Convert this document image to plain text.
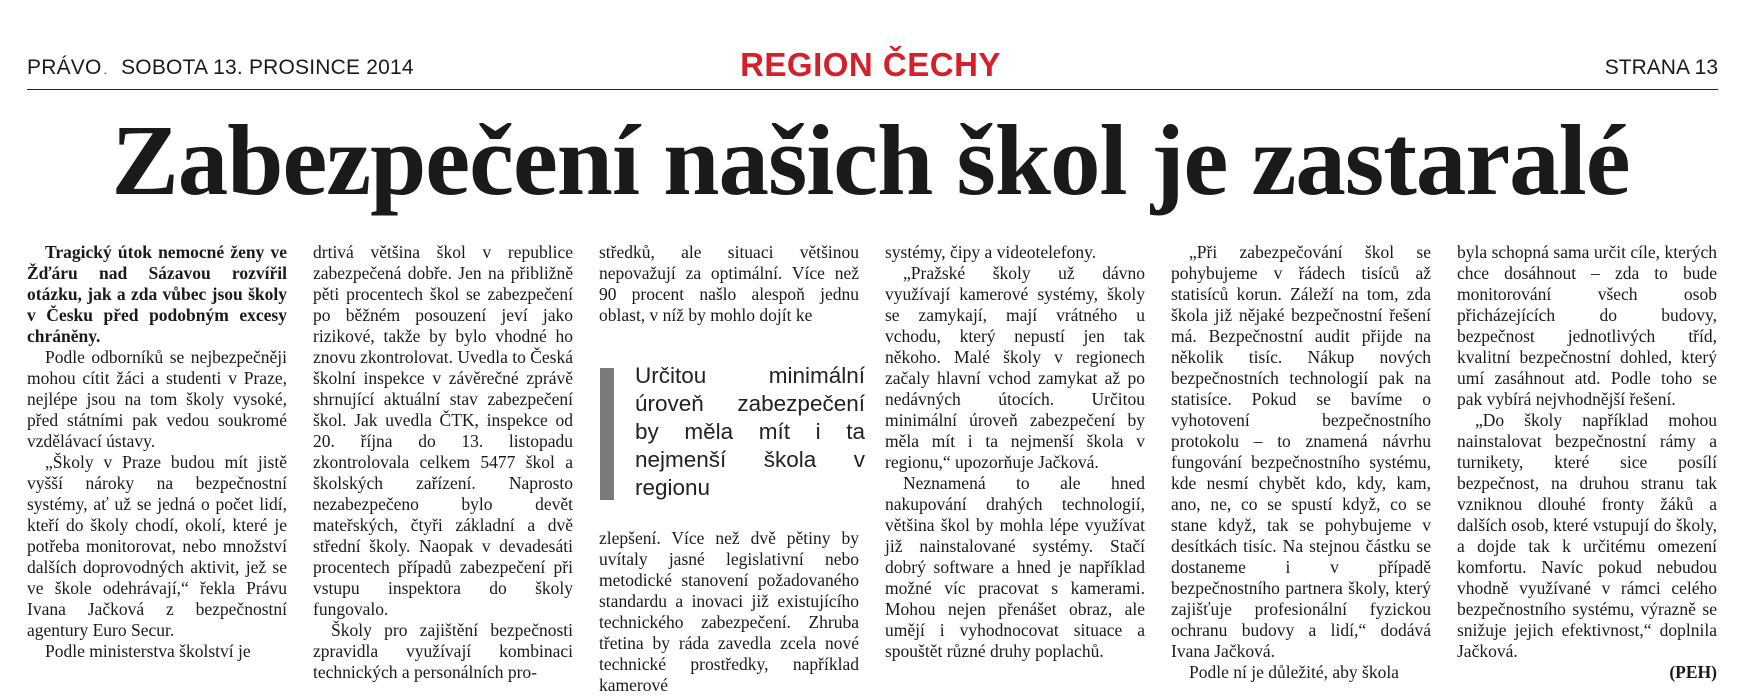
PRÁVO . SOBOTA 13. PROSINCE 2014	REGION ČECHY	STRANA 13
Zabezpečení našich škol je zastaralé

Tragický útok nemocné ženy ve Žďáru nad Sázavou rozvířil otázku, jak a zda vůbec jsou školy v Česku před podobným excesy chráněny.

Podle odborníků se nejbezpečněji mohou cítit žáci a studenti v Praze, nejlépe jsou na tom školy vysoké, před státními pak vedou soukromé vzdělávací ústavy.

„Školy v Praze budou mít jistě vyšší nároky na bezpečnostní systémy, ať už se jedná o počet lidí, kteří do školy chodí, okolí, které je potřeba monitorovat, nebo množství dalších doprovodných aktivit, jež se ve škole odehrávají,“ řekla Právu Ivana Jačková z bezpečnostní agentury Euro Secur.

Podle ministerstva školství je

drtivá většina škol v republice zabezpečená dobře. Jen na přibližně pěti procentech škol se zabezpečení po běžném posouzení jeví jako rizikové, takže by bylo vhodné ho znovu zkontrolovat. Uvedla to Česká školní inspekce v závěrečné zprávě shrnující aktuální stav zabezpečení škol. Jak uvedla ČTK, inspekce od 20. října do 13. listopadu zkontrolovala celkem 5477 škol a školských zařízení. Naprosto nezabezpečeno bylo devět mateřských, čtyři základní a dvě střední školy. Naopak v devadesáti procentech případů zabezpečení při vstupu inspektora do školy fungovalo.

Školy pro zajištění bezpečnosti zpravidla využívají kombinaci technických a personálních pro-

středků, ale situaci většinou nepovažují za optimální. Více než 90 procent našlo alespoň jednu oblast, v níž by mohlo dojít ke

Určitou minimální úroveň zabezpečení by měla mít i ta nejmenší škola v regionu

zlepšení. Více než dvě pětiny by uvítaly jasné legislativní nebo metodické stanovení požadovaného standardu a inovaci již existujícího technického zabezpečení. Zhruba třetina by ráda zavedla zcela nové technické prostředky, například kamerové

systémy, čipy a videotelefony.

„Pražské školy už dávno využívají kamerové systémy, školy se zamykají, mají vrátného u vchodu, který nepustí jen tak někoho. Malé školy v regionech začaly hlavní vchod zamykat až po nedávných útocích. Určitou minimální úroveň zabezpečení by měla mít i ta nejmenší škola v regionu,“ upozorňuje Jačková.

Neznamená to ale hned nakupování drahých technologií, většina škol by mohla lépe využívat již nainstalované systémy. Stačí dobrý software a hned je například možné víc pracovat s kamerami. Mohou nejen přenášet obraz, ale umějí i vyhodnocovat situace a spouštět různé druhy poplachů.

„Při zabezpečování škol se pohybujeme v řádech tisíců až statisíců korun. Záleží na tom, zda škola již nějaké bezpečnostní řešení má. Bezpečnostní audit přijde na několik tisíc. Nákup nových bezpečnostních technologií pak na statisíce. Pokud se bavíme o vyhotovení bezpečnostního protokolu – to znamená návrhu fungování bezpečnostního systému, kde nesmí chybět kdo, kdy, kam, ano, ne, co se spustí když, co se stane když, tak se pohybujeme v desítkách tisíc. Na stejnou částku se dostaneme i v případě bezpečnostního partnera školy, který zajišťuje profesionální fyzickou ochranu budovy a lidí,“ dodává Ivana Jačková.

Podle ní je důležité, aby škola

byla schopná sama určit cíle, kterých chce dosáhnout – zda to bude monitorování všech osob přicházejících do budovy, bezpečnost jednotlivých tříd, kvalitní bezpečnostní dohled, který umí zasáhnout atd. Podle toho se pak vybírá nejvhodnější řešení.

„Do školy například mohou nainstalovat bezpečnostní rámy a turnikety, které sice posílí bezpečnost, na druhou stranu tak vzniknou dlouhé fronty žáků a dalších osob, které vstupují do školy, a dojde tak k určitému omezení komfortu. Navíc pokud nebudou vhodně využívané v rámci celého bezpečnostního systému, výrazně se snižuje jejich efektivnost,“ doplnila Jačková.

(PEH)
